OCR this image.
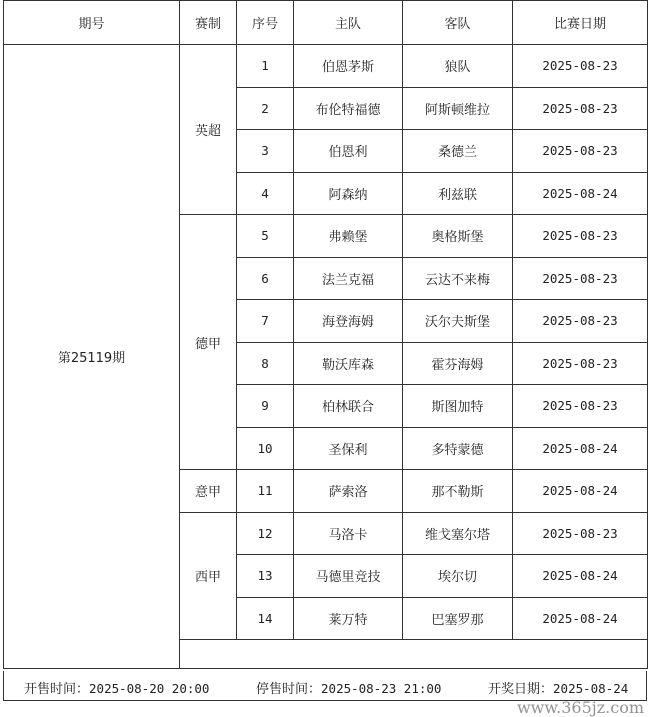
期号	赛制	序号	主队	客队	比赛日期
第25119期	英超	1	伯恩茅斯	狼队	2025-08-23
		2	布伦特福德	阿斯顿维拉	2025-08-23
		3	伯恩利	桑德兰	2025-08-23
		4	阿森纳	利兹联	2025-08-24
	德甲	5	弗赖堡	奥格斯堡	2025-08-23
		6	法兰克福	云达不来梅	2025-08-23
		7	海登海姆	沃尔夫斯堡	2025-08-23
		8	勒沃库森	霍芬海姆	2025-08-23
		9	柏林联合	斯图加特	2025-08-23
		10	圣保利	多特蒙德	2025-08-24
	意甲	11	萨索洛	那不勒斯	2025-08-24
	西甲	12	马洛卡	维戈塞尔塔	2025-08-23
		13	马德里竞技	埃尔切	2025-08-24
		14	莱万特	巴塞罗那	2025-08-24

开售时间：2025-08-20 20:00	停售时间：2025-08-23 21:00	开奖日期：2025-08-24
www.365jz.com
